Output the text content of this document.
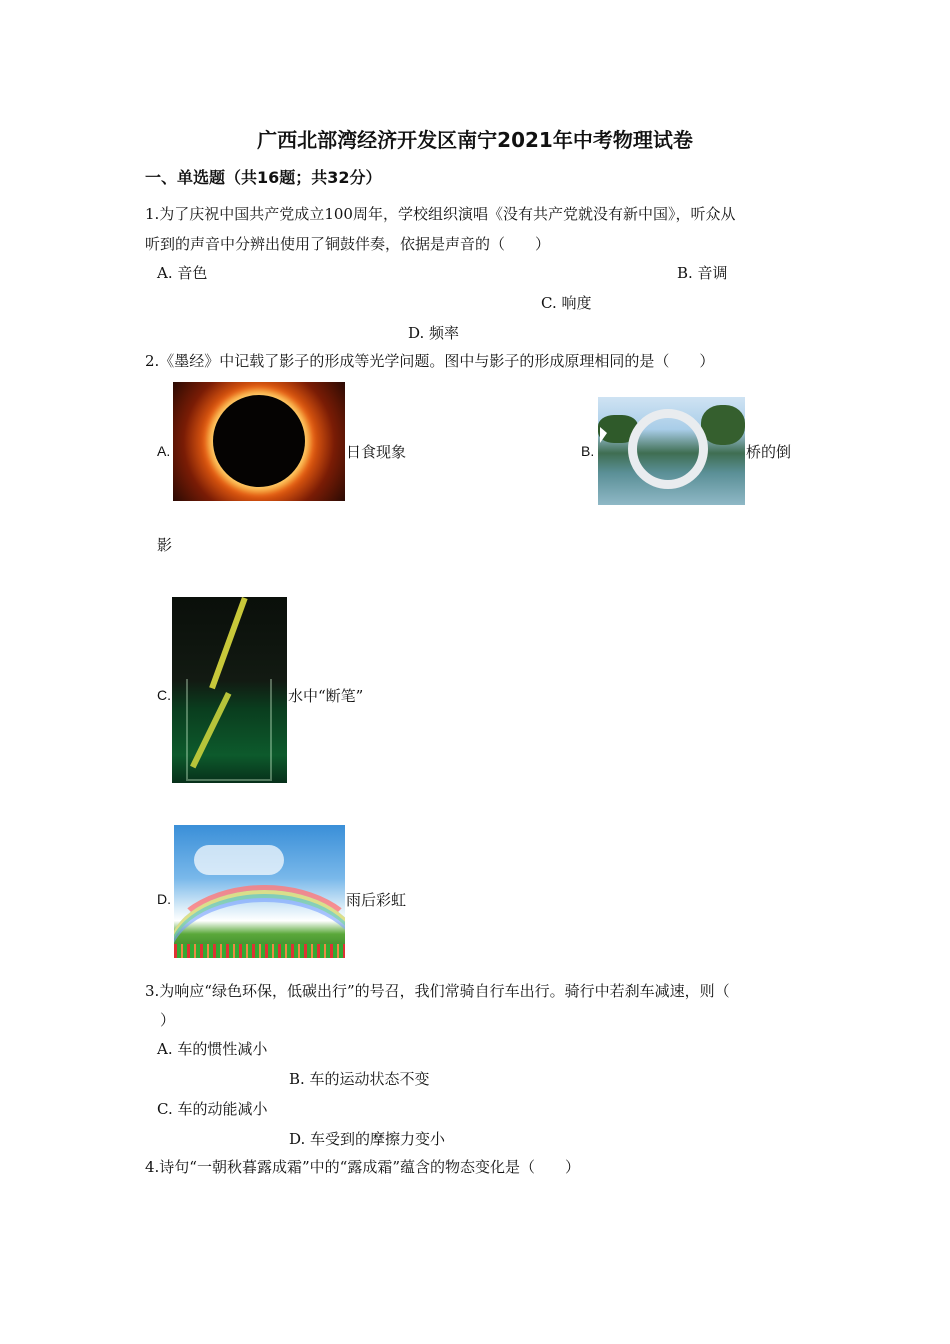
广西北部湾经济开发区南宁2021年中考物理试卷
一、单选题（共16题；共32分）
1.为了庆祝中国共产党成立100周年，学校组织演唱《没有共产党就没有新中国》，听众从
听到的声音中分辨出使用了铜鼓伴奏，依据是声音的（　　）
A. 音色	B. 音调
C. 响度
D. 频率
2.《墨经》中记载了影子的形成等光学问题。图中与影子的形成原理相同的是（　　）
A.	日食现象	B.	桥的倒
影
C.	水中“断笔”
D.	雨后彩虹
3.为响应“绿色环保，低碳出行”的号召，我们常骑自行车出行。骑行中若刹车减速，则（
）
A. 车的惯性减小
B. 车的运动状态不变
C. 车的动能减小
D. 车受到的摩擦力变小
4.诗句“一朝秋暮露成霜”中的“露成霜”蕴含的物态变化是（　　）
